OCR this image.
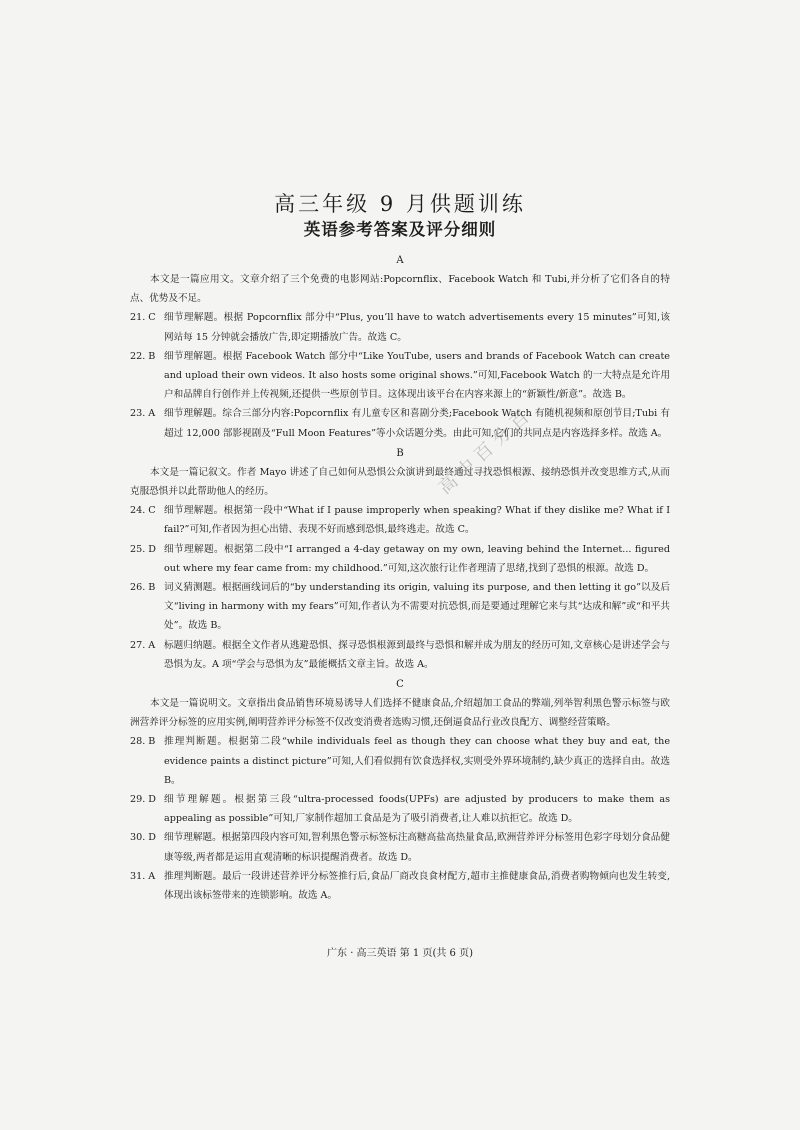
高三年级 9 月供题训练
英语参考答案及评分细则
A

本文是一篇应用文。文章介绍了三个免费的电影网站:Popcornflix、Facebook Watch 和 Tubi,并分析了它们各自的特点、优势及不足。

21. C 细节理解题。根据 Popcornflix 部分中“Plus, you’ll have to watch advertisements every 15 minutes”可知,该网站每 15 分钟就会播放广告,即定期播放广告。故选 C。
22. B 细节理解题。根据 Facebook Watch 部分中“Like YouTube, users and brands of Facebook Watch can create and upload their own videos. It also hosts some original shows.”可知,Facebook Watch 的一大特点是允许用户和品牌自行创作并上传视频,还提供一些原创节目。这体现出该平台在内容来源上的“新颖性/新意”。故选 B。
23. A 细节理解题。综合三部分内容:Popcornflix 有儿童专区和喜剧分类;Facebook Watch 有随机视频和原创节目;Tubi 有超过 12,000 部影视剧及“Full Moon Features”等小众话题分类。由此可知,它们的共同点是内容选择多样。故选 A。
B

本文是一篇记叙文。作者 Mayo 讲述了自己如何从恐惧公众演讲到最终通过寻找恐惧根源、接纳恐惧并改变思维方式,从而克服恐惧并以此帮助他人的经历。

24. C 细节理解题。根据第一段中“What if I pause improperly when speaking? What if they dislike me? What if I fail?”可知,作者因为担心出错、表现不好而感到恐惧,最终逃走。故选 C。
25. D 细节理解题。根据第二段中“I arranged a 4-day getaway on my own, leaving behind the Internet... figured out where my fear came from: my childhood.”可知,这次旅行让作者理清了思绪,找到了恐惧的根源。故选 D。
26. B 词义猜测题。根据画线词后的“by understanding its origin, valuing its purpose, and then letting it go”以及后文“living in harmony with my fears”可知,作者认为不需要对抗恐惧,而是要通过理解它来与其“达成和解”或“和平共处”。故选 B。
27. A 标题归纳题。根据全文作者从逃避恐惧、探寻恐惧根源到最终与恐惧和解并成为朋友的经历可知,文章核心是讲述学会与恐惧为友。A 项“学会与恐惧为友”最能概括文章主旨。故选 A。
C

本文是一篇说明文。文章指出食品销售环境易诱导人们选择不健康食品,介绍超加工食品的弊端,列举智利黑色警示标签与欧洲营养评分标签的应用实例,阐明营养评分标签不仅改变消费者选购习惯,还倒逼食品行业改良配方、调整经营策略。

28. B 推理判断题。根据第二段“while individuals feel as though they can choose what they buy and eat, the evidence paints a distinct picture”可知,人们看似拥有饮食选择权,实则受外界环境制约,缺少真正的选择自由。故选 B。
29. D 细节理解题。根据第三段“ultra-processed foods(UPFs) are adjusted by producers to make them as appealing as possible”可知,厂家制作超加工食品是为了吸引消费者,让人难以抗拒它。故选 D。
30. D 细节理解题。根据第四段内容可知,智利黑色警示标签标注高糖高盐高热量食品,欧洲营养评分标签用色彩字母划分食品健康等级,两者都是运用直观清晰的标识提醒消费者。故选 D。
31. A 推理判断题。最后一段讲述营养评分标签推行后,食品厂商改良食材配方,超市主推健康食品,消费者购物倾向也发生转变,体现出该标签带来的连锁影响。故选 A。
高中百分百
广东 · 高三英语 第 1 页(共 6 页)
